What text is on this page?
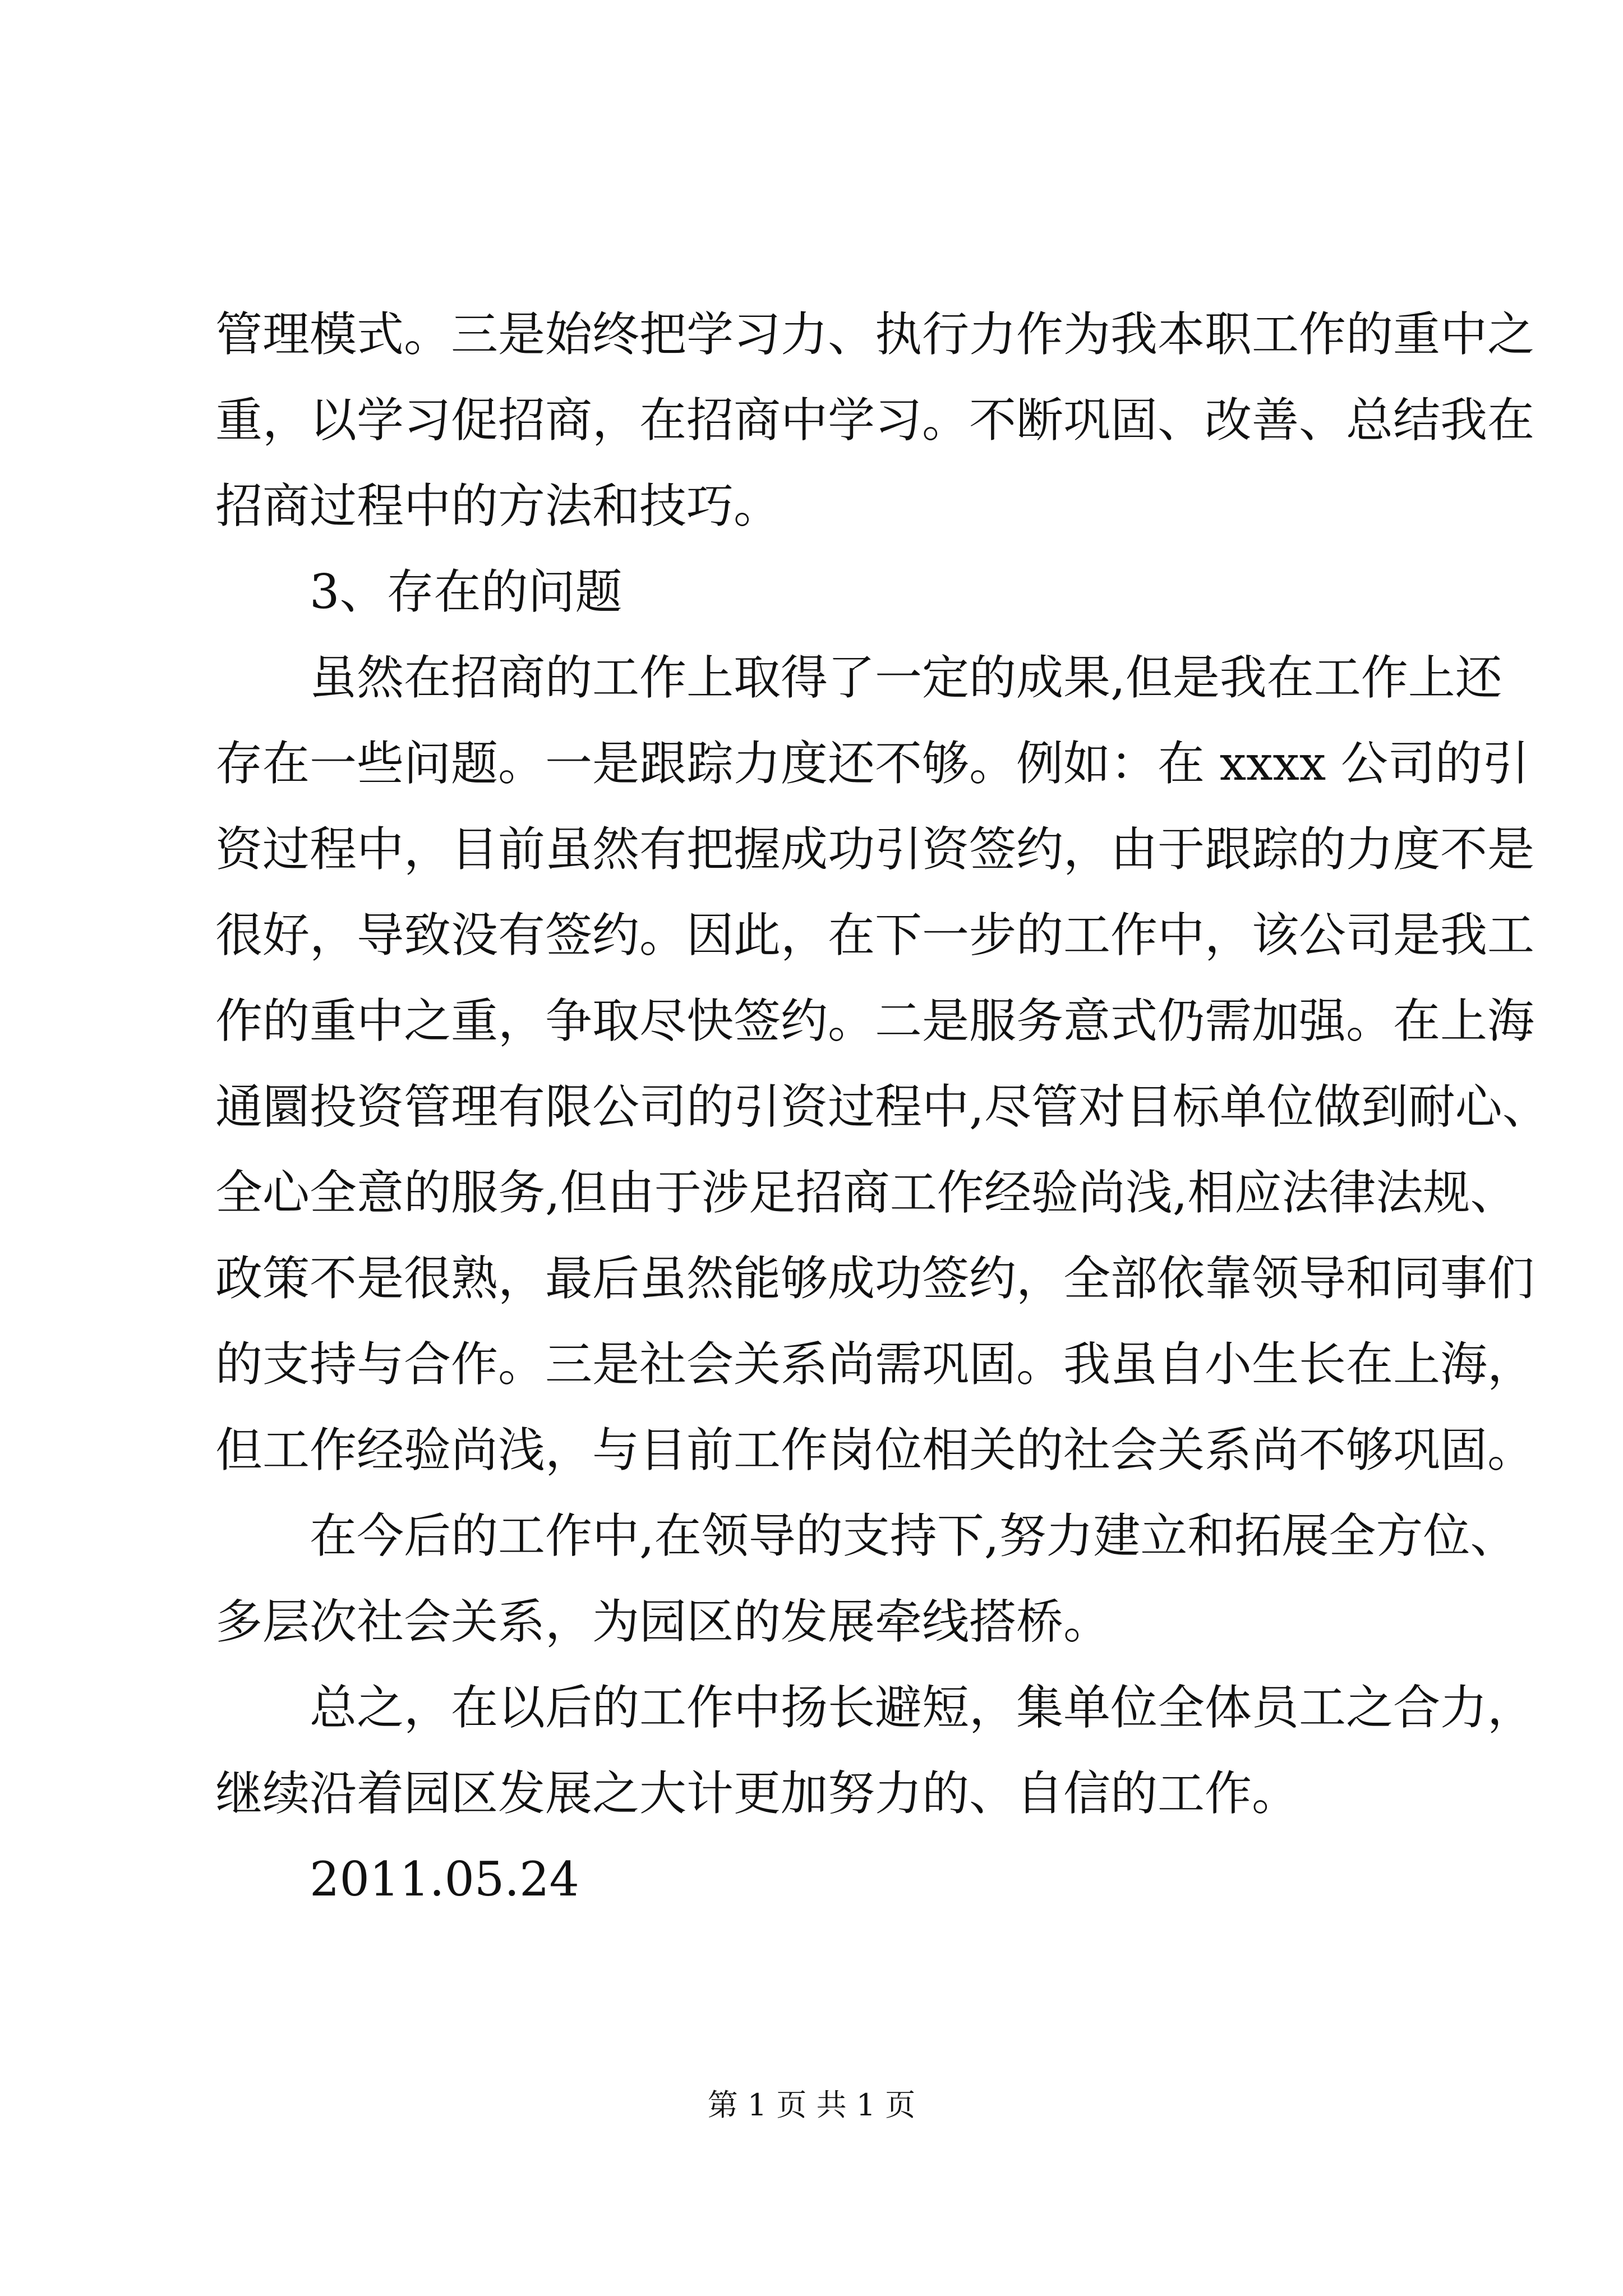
管理模式。三是始终把学习力、执行力作为我本职工作的重中之
重，以学习促招商，在招商中学习。不断巩固、改善、总结我在
招商过程中的方法和技巧。
3、存在的问题
虽然在招商的工作上取得了一定的成果,但是我在工作上还
存在一些问题。一是跟踪力度还不够。例如：在 xxxx 公司的引
资过程中，目前虽然有把握成功引资签约，由于跟踪的力度不是
很好，导致没有签约。因此，在下一步的工作中，该公司是我工
作的重中之重，争取尽快签约。二是服务意式仍需加强。在上海
通圜投资管理有限公司的引资过程中,尽管对目标单位做到耐心、
全心全意的服务,但由于涉足招商工作经验尚浅,相应法律法规、
政策不是很熟，最后虽然能够成功签约，全部依靠领导和同事们
的支持与合作。三是社会关系尚需巩固。我虽自小生长在上海，
但工作经验尚浅，与目前工作岗位相关的社会关系尚不够巩固。
在今后的工作中,在领导的支持下,努力建立和拓展全方位、
多层次社会关系，为园区的发展牵线搭桥。
总之，在以后的工作中扬长避短，集单位全体员工之合力，
继续沿着园区发展之大计更加努力的、自信的工作。
2011.05.24
第 1 页 共 1 页
